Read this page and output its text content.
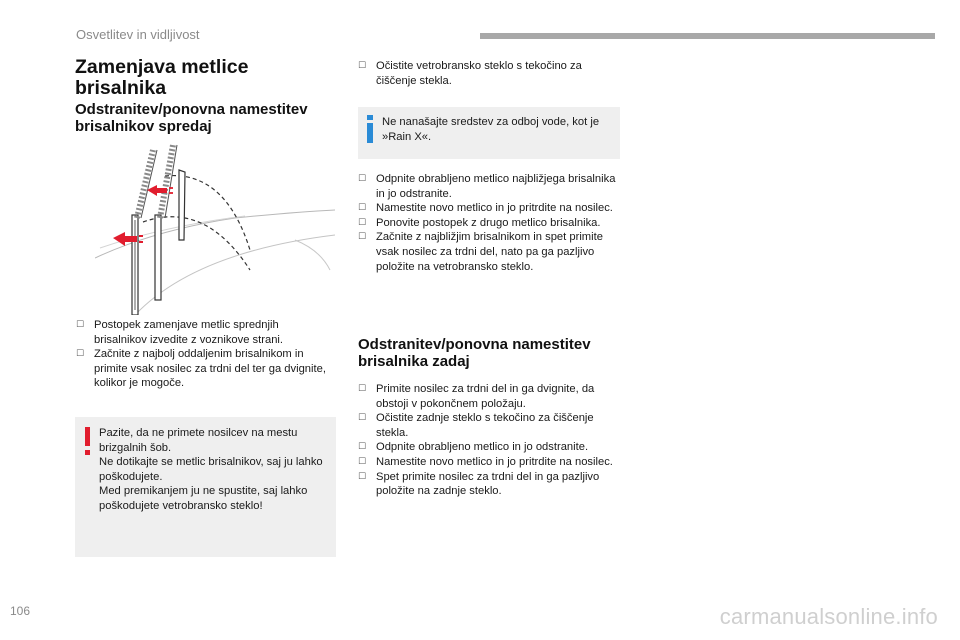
Osvetlitev in vidljivost
Zamenjava metlice brisalnika
Odstranitev/ponovna namestitev brisalnikov spredaj
☐ Postopek zamenjave metlic sprednjih brisalnikov izvedite z voznikove strani.
☐ Začnite z najbolj oddaljenim brisalnikom in primite vsak nosilec za trdni del ter ga dvignite, kolikor je mogoče.
Pazite, da ne primete nosilcev na mestu brizgalnih šob.
Ne dotikajte se metlic brisalnikov, saj ju lahko poškodujete.
Med premikanjem ju ne spustite, saj lahko poškodujete vetrobransko steklo!
☐ Očistite vetrobransko steklo s tekočino za čiščenje stekla.
Ne nanašajte sredstev za odboj vode, kot je »Rain X«.
☐ Odpnite obrabljeno metlico najbližjega brisalnika in jo odstranite.
☐ Namestite novo metlico in jo pritrdite na nosilec.
☐ Ponovite postopek z drugo metlico brisalnika.
☐ Začnite z najbližjim brisalnikom in spet primite vsak nosilec za trdni del, nato pa ga pazljivo položite na vetrobransko steklo.
Odstranitev/ponovna namestitev brisalnika zadaj
☐ Primite nosilec za trdni del in ga dvignite, da obstoji v pokončnem položaju.
☐ Očistite zadnje steklo s tekočino za čiščenje stekla.
☐ Odpnite obrabljeno metlico in jo odstranite.
☐ Namestite novo metlico in jo pritrdite na nosilec.
☐ Spet primite nosilec za trdni del in ga pazljivo položite na zadnje steklo.
106	carmanualsonline.info
